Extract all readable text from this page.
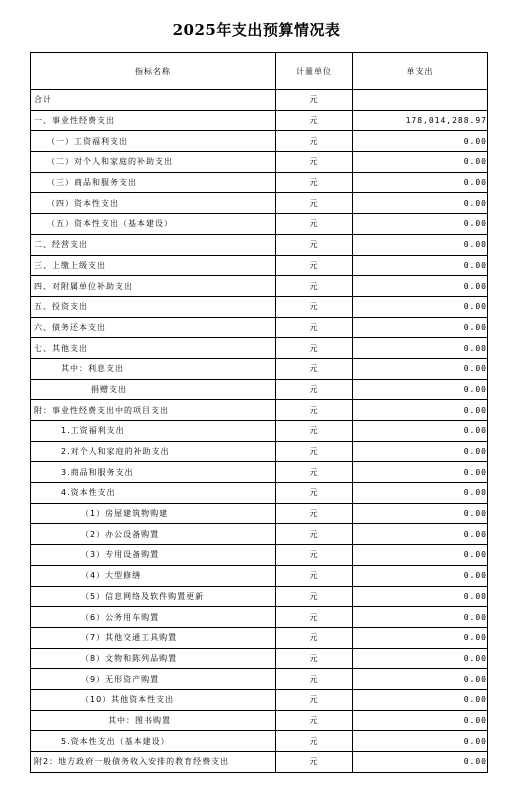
2025年支出预算情况表
指标名称	计量单位	单支出
合计	元	
一、事业性经费支出	元	178,014,288.97
（一）工资福利支出	元	0.00
（二）对个人和家庭的补助支出	元	0.00
（三）商品和服务支出	元	0.00
（四）资本性支出	元	0.00
（五）资本性支出（基本建设）	元	0.00
二、经营支出	元	0.00
三、上缴上级支出	元	0.00
四、对附属单位补助支出	元	0.00
五、投资支出	元	0.00
六、债务还本支出	元	0.00
七、其他支出	元	0.00
其中：利息支出	元	0.00
捐赠支出	元	0.00
附：事业性经费支出中的项目支出	元	0.00
1.工资福利支出	元	0.00
2.对个人和家庭的补助支出	元	0.00
3.商品和服务支出	元	0.00
4.资本性支出	元	0.00
（1）房屋建筑物购建	元	0.00
（2）办公设备购置	元	0.00
（3）专用设备购置	元	0.00
（4）大型修缮	元	0.00
（5）信息网络及软件购置更新	元	0.00
（6）公务用车购置	元	0.00
（7）其他交通工具购置	元	0.00
（8）文物和陈列品购置	元	0.00
（9）无形资产购置	元	0.00
（10）其他资本性支出	元	0.00
其中：图书购置	元	0.00
5.资本性支出（基本建设）	元	0.00
附2：地方政府一般债务收入安排的教育经费支出	元	0.00
